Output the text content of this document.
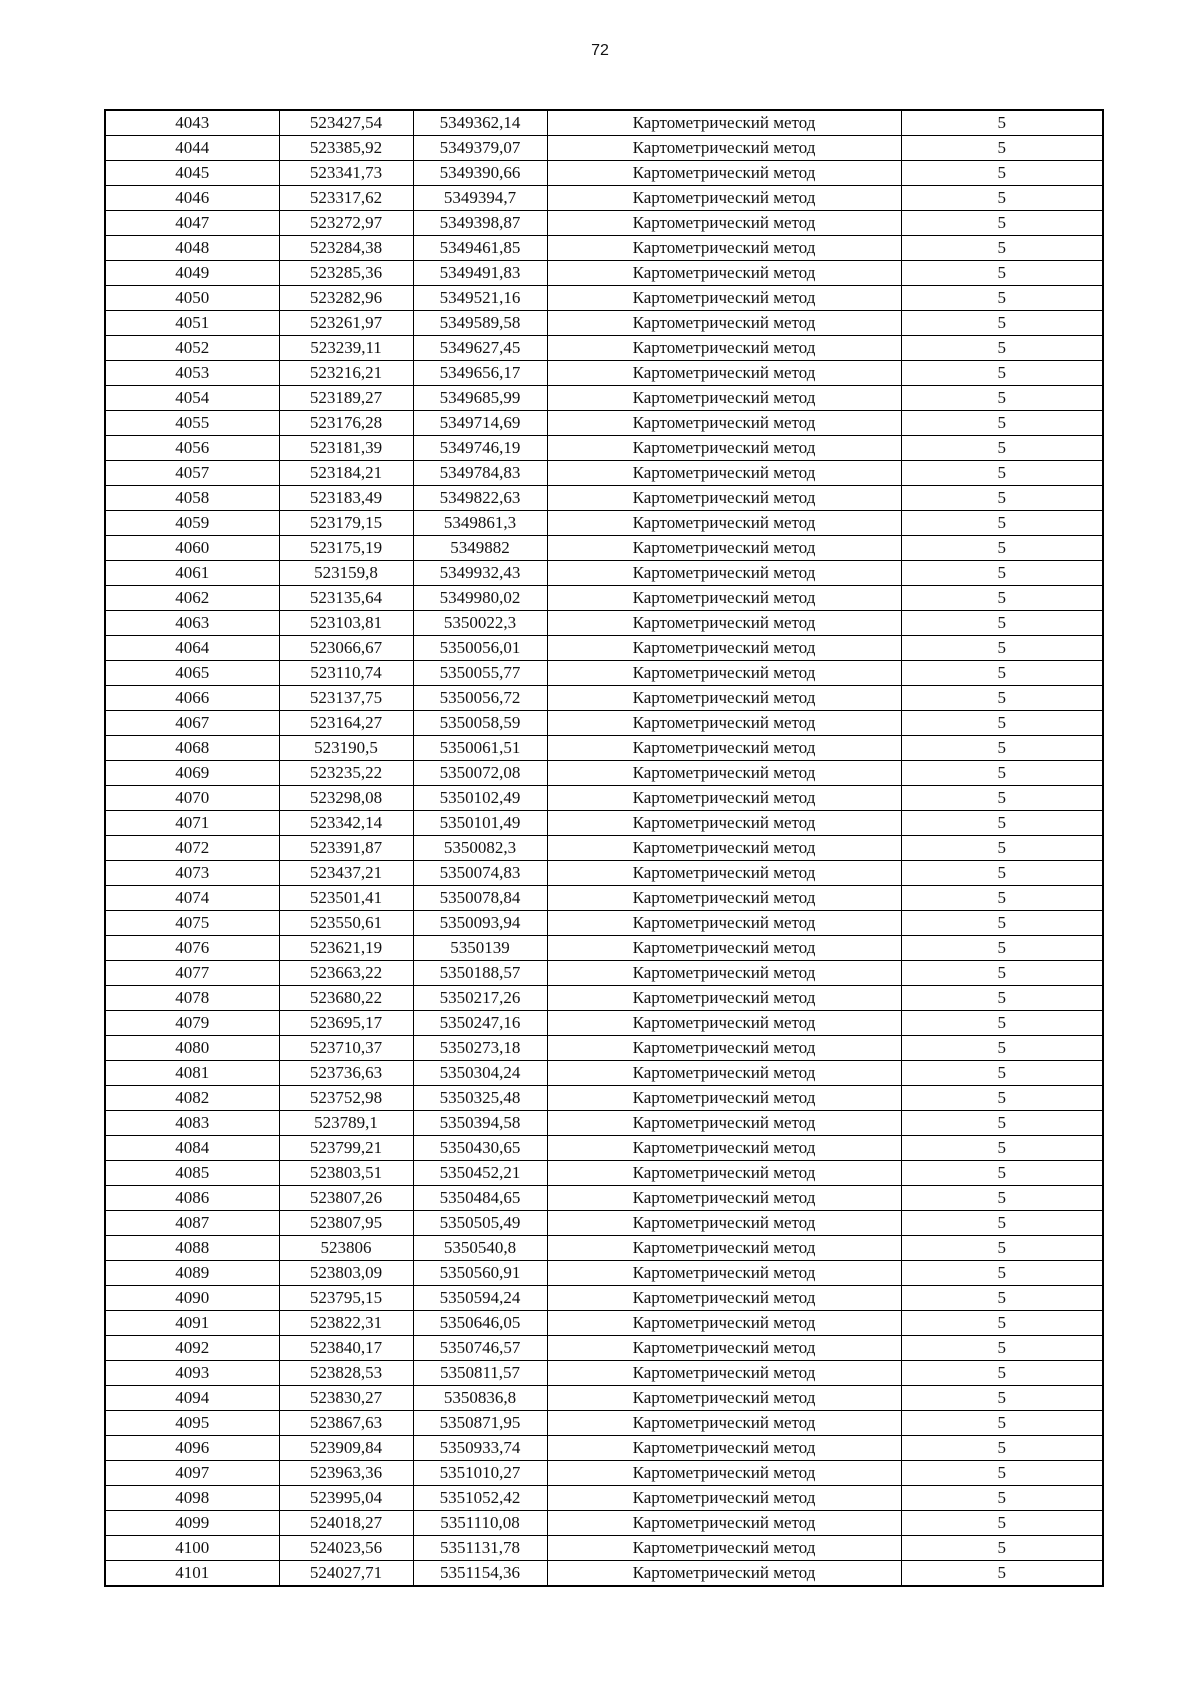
72
4043	523427,54	5349362,14	Картометрический метод	5
4044	523385,92	5349379,07	Картометрический метод	5
4045	523341,73	5349390,66	Картометрический метод	5
4046	523317,62	5349394,7	Картометрический метод	5
4047	523272,97	5349398,87	Картометрический метод	5
4048	523284,38	5349461,85	Картометрический метод	5
4049	523285,36	5349491,83	Картометрический метод	5
4050	523282,96	5349521,16	Картометрический метод	5
4051	523261,97	5349589,58	Картометрический метод	5
4052	523239,11	5349627,45	Картометрический метод	5
4053	523216,21	5349656,17	Картометрический метод	5
4054	523189,27	5349685,99	Картометрический метод	5
4055	523176,28	5349714,69	Картометрический метод	5
4056	523181,39	5349746,19	Картометрический метод	5
4057	523184,21	5349784,83	Картометрический метод	5
4058	523183,49	5349822,63	Картометрический метод	5
4059	523179,15	5349861,3	Картометрический метод	5
4060	523175,19	5349882	Картометрический метод	5
4061	523159,8	5349932,43	Картометрический метод	5
4062	523135,64	5349980,02	Картометрический метод	5
4063	523103,81	5350022,3	Картометрический метод	5
4064	523066,67	5350056,01	Картометрический метод	5
4065	523110,74	5350055,77	Картометрический метод	5
4066	523137,75	5350056,72	Картометрический метод	5
4067	523164,27	5350058,59	Картометрический метод	5
4068	523190,5	5350061,51	Картометрический метод	5
4069	523235,22	5350072,08	Картометрический метод	5
4070	523298,08	5350102,49	Картометрический метод	5
4071	523342,14	5350101,49	Картометрический метод	5
4072	523391,87	5350082,3	Картометрический метод	5
4073	523437,21	5350074,83	Картометрический метод	5
4074	523501,41	5350078,84	Картометрический метод	5
4075	523550,61	5350093,94	Картометрический метод	5
4076	523621,19	5350139	Картометрический метод	5
4077	523663,22	5350188,57	Картометрический метод	5
4078	523680,22	5350217,26	Картометрический метод	5
4079	523695,17	5350247,16	Картометрический метод	5
4080	523710,37	5350273,18	Картометрический метод	5
4081	523736,63	5350304,24	Картометрический метод	5
4082	523752,98	5350325,48	Картометрический метод	5
4083	523789,1	5350394,58	Картометрический метод	5
4084	523799,21	5350430,65	Картометрический метод	5
4085	523803,51	5350452,21	Картометрический метод	5
4086	523807,26	5350484,65	Картометрический метод	5
4087	523807,95	5350505,49	Картометрический метод	5
4088	523806	5350540,8	Картометрический метод	5
4089	523803,09	5350560,91	Картометрический метод	5
4090	523795,15	5350594,24	Картометрический метод	5
4091	523822,31	5350646,05	Картометрический метод	5
4092	523840,17	5350746,57	Картометрический метод	5
4093	523828,53	5350811,57	Картометрический метод	5
4094	523830,27	5350836,8	Картометрический метод	5
4095	523867,63	5350871,95	Картометрический метод	5
4096	523909,84	5350933,74	Картометрический метод	5
4097	523963,36	5351010,27	Картометрический метод	5
4098	523995,04	5351052,42	Картометрический метод	5
4099	524018,27	5351110,08	Картометрический метод	5
4100	524023,56	5351131,78	Картометрический метод	5
4101	524027,71	5351154,36	Картометрический метод	5
